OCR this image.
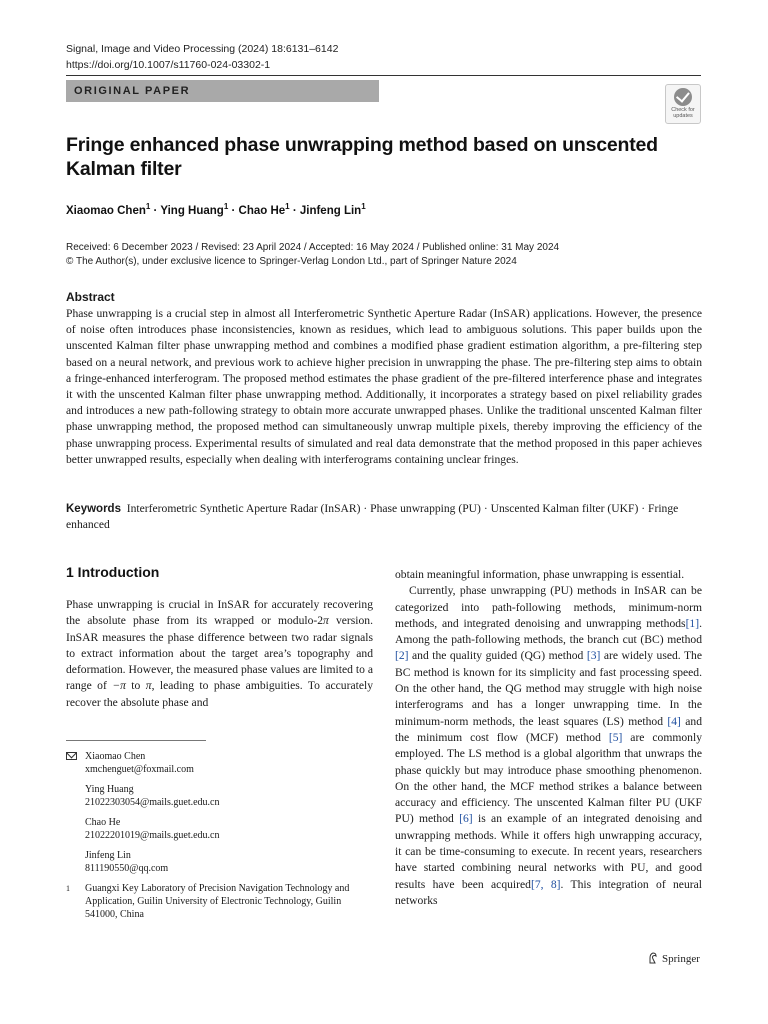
Signal, Image and Video Processing (2024) 18:6131–6142
https://doi.org/10.1007/s11760-024-03302-1
ORIGINAL PAPER
Check for
updates
Fringe enhanced phase unwrapping method based on unscented Kalman filter
Xiaomao Chen$^1$ · Ying Huang$^1$ · Chao $He^1$ · Jinfeng Lin$^1$
Received: 6 December 2023 / Revised: 23 April 2024 / Accepted: 16 May 2024 / Published online: 31 May 2024
© The Author(s), under exclusive licence to Springer-Verlag London Ltd., part of Springer Nature 2024
Abstract
Phase unwrapping is a crucial step in almost all Interferometric Synthetic Aperture Radar (InSAR) applications. However, the presence of noise often introduces phase inconsistencies, known as residues, which lead to ambiguous solutions. This paper builds upon the unscented Kalman filter phase unwrapping method and combines a modified phase gradient estimation algorithm, a pre-filtering step based on a neural network, and previous work to achieve higher precision in unwrapping the phase. The pre-filtering step aims to obtain a fringe-enhanced interferogram. The proposed method estimates the phase gradient of the pre-filtered interference phase and integrates it with the unscented Kalman filter phase unwrapping method. Additionally, it incorporates a strategy based on pixel reliability grades and introduces a new path-following strategy to obtain more accurate unwrapped phases. Unlike the traditional unscented Kalman filter phase unwrapping method, the proposed method can simultaneously unwrap multiple pixels, thereby improving the efficiency of the phase unwrapping process. Experimental results of simulated and real data demonstrate that the method proposed in this paper achieves better unwrapped results, especially when dealing with interferograms containing unclear fringes.
Keywords Interferometric Synthetic Aperture Radar (InSAR) · Phase unwrapping (PU) · Unscented Kalman filter (UKF) · Fringe enhanced
1 Introduction
Phase unwrapping is crucial in InSAR for accurately recovering the absolute phase from its wrapped or modulo-2π version. InSAR measures the phase difference between two radar signals to extract information about the target area’s topography and deformation. However, the measured phase values are limited to a range of −π to π, leading to phase ambiguities. To accurately recover the absolute phase and

obtain meaningful information, phase unwrapping is essential.

Currently, phase unwrapping (PU) methods in InSAR can be categorized into path-following methods, minimum-norm methods, and integrated denoising and unwrapping methods[1]. Among the path-following methods, the branch cut (BC) method [2] and the quality guided (QG) method [3] are widely used. The BC method is known for its simplicity and fast processing speed. On the other hand, the QG method may struggle with high noise interferograms and has a longer unwrapping time. In the minimum-norm methods, the least squares (LS) method [4] and the minimum cost flow (MCF) method [5] are commonly employed. The LS method is a global algorithm that unwraps the phase quickly but may introduce phase smoothing phenomenon. On the other hand, the MCF method strikes a balance between accuracy and efficiency. The unscented Kalman filter PU (UKF PU) method [6] is an example of an integrated denoising and unwrapping methods. While it offers high unwrapping accuracy, it can be time-consuming to execute. In recent years, researchers have started combining neural networks with PU, and good results have been acquired[7, 8]. This integration of neural networks

Xiaomao Chen
xmchenguet@foxmail.com
Ying Huang
21022303054@mails.guet.edu.cn
Chao He
21022201019@mails.guet.edu.cn
Jinfeng Lin
811190550@qq.com
1 Guangxi Key Laboratory of Precision Navigation Technology and Application, Guilin University of Electronic Technology, Guilin 541000, China
Springer
